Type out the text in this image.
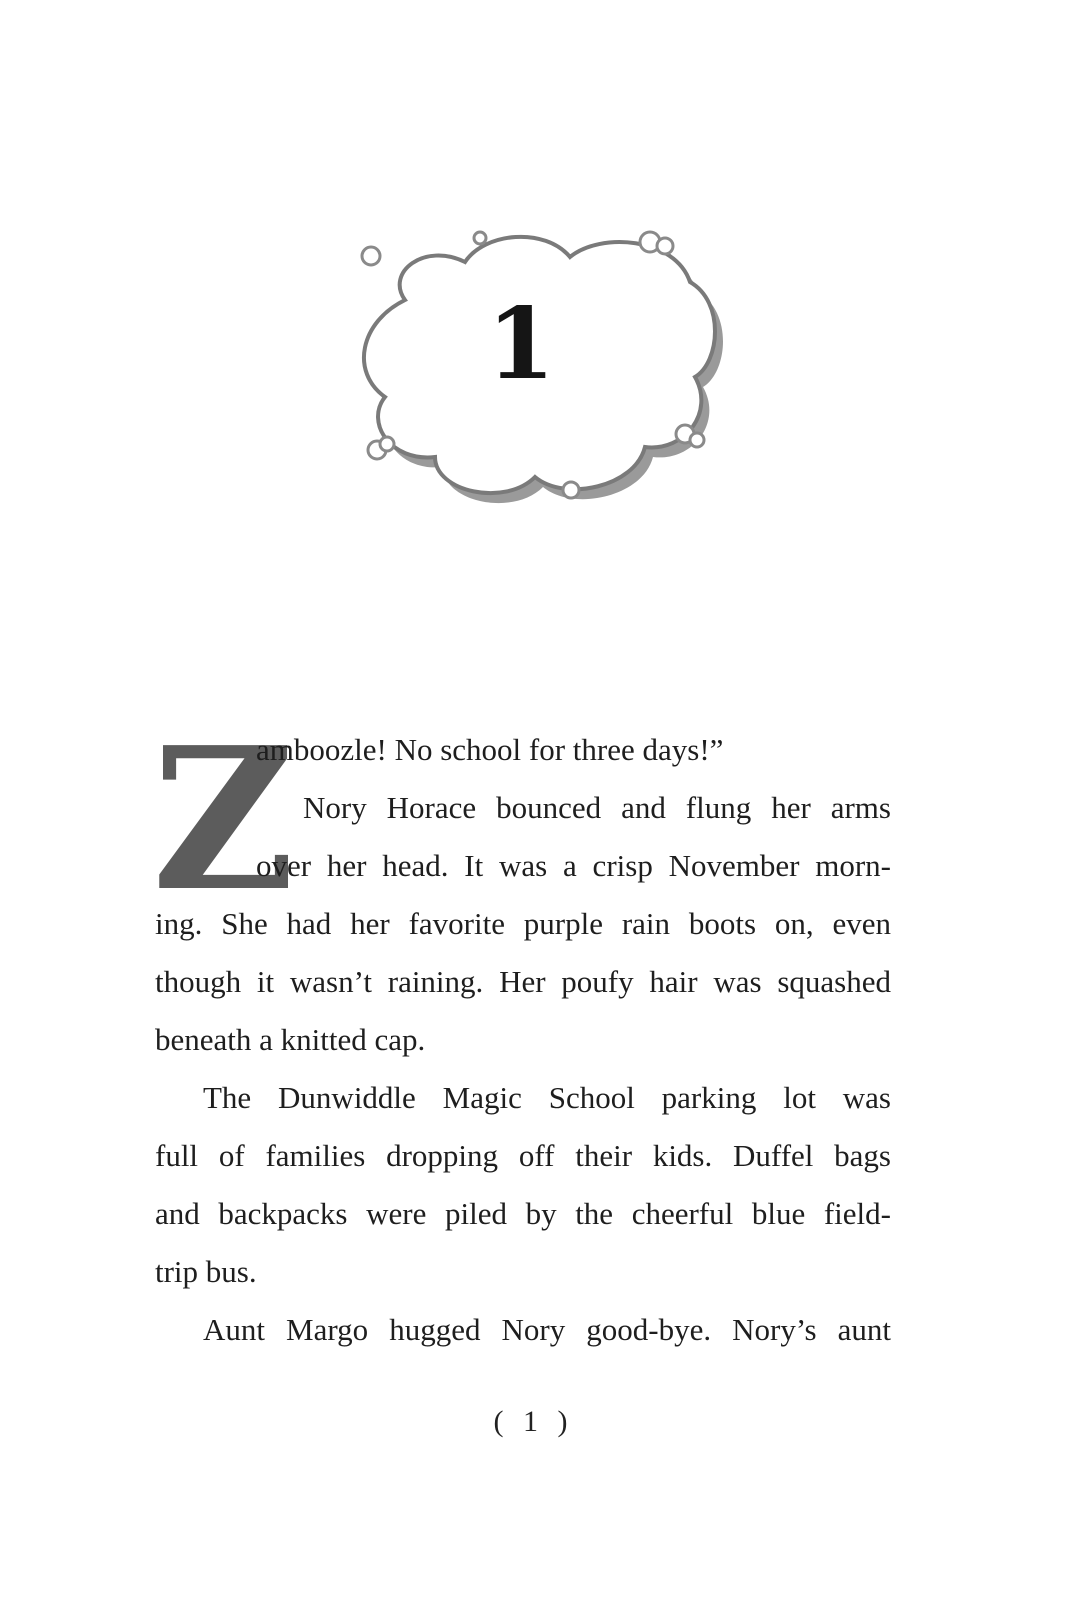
1
Z
amboozle! No school for three days!”
Nory Horace bounced and flung her arms
over her head. It was a crisp November morn-
ing. She had her favorite purple rain boots on, even
though it wasn’t raining. Her poufy hair was squashed
beneath a knitted cap.
The Dunwiddle Magic School parking lot was
full of families dropping off their kids. Duffel bags
and backpacks were piled by the cheerful blue field-
trip bus.
Aunt Margo hugged Nory good-bye. Nory’s aunt
( 1 )
